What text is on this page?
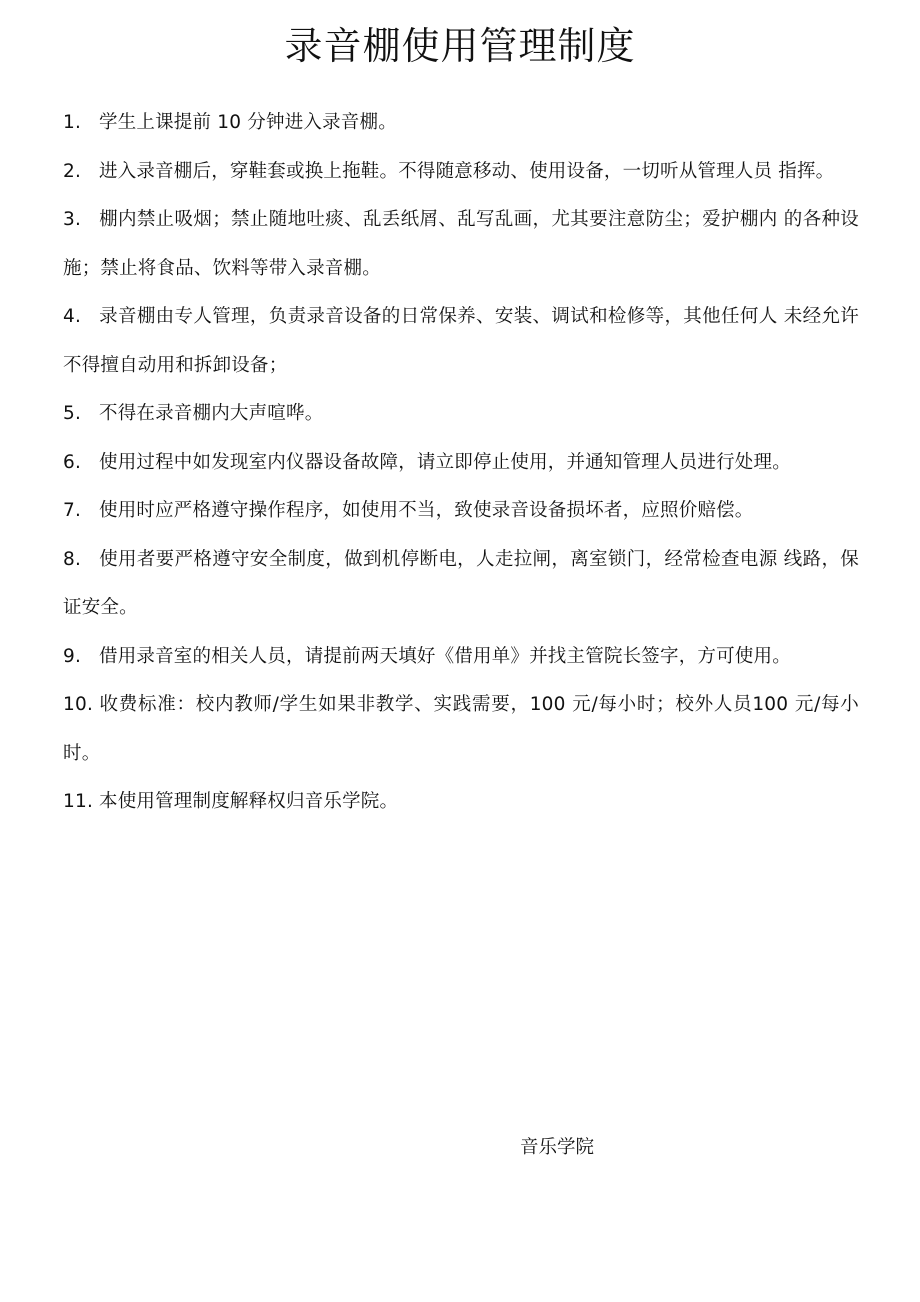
录音棚使用管理制度
1. 学生上课提前 10 分钟进入录音棚。
2. 进入录音棚后，穿鞋套或换上拖鞋。不得随意移动、使用设备，一切听从管理人员 指挥。
3. 棚内禁止吸烟；禁止随地吐痰、乱丢纸屑、乱写乱画，尤其要注意防尘；爱护棚内 的各种设施；禁止将食品、饮料等带入录音棚。
4. 录音棚由专人管理，负责录音设备的日常保养、安装、调试和检修等，其他任何人 未经允许不得擅自动用和拆卸设备；
5. 不得在录音棚内大声喧哗。
6. 使用过程中如发现室内仪器设备故障，请立即停止使用，并通知管理人员进行处理。
7. 使用时应严格遵守操作程序，如使用不当，致使录音设备损坏者，应照价赔偿。
8. 使用者要严格遵守安全制度，做到机停断电，人走拉闸，离室锁门，经常检查电源 线路，保证安全。
9. 借用录音室的相关人员，请提前两天填好《借用单》并找主管院长签字，方可使用。
10. 收费标准：校内教师/学生如果非教学、实践需要，100 元/每小时；校外人员100 元/每小时。
11. 本使用管理制度解释权归音乐学院。

音乐学院
